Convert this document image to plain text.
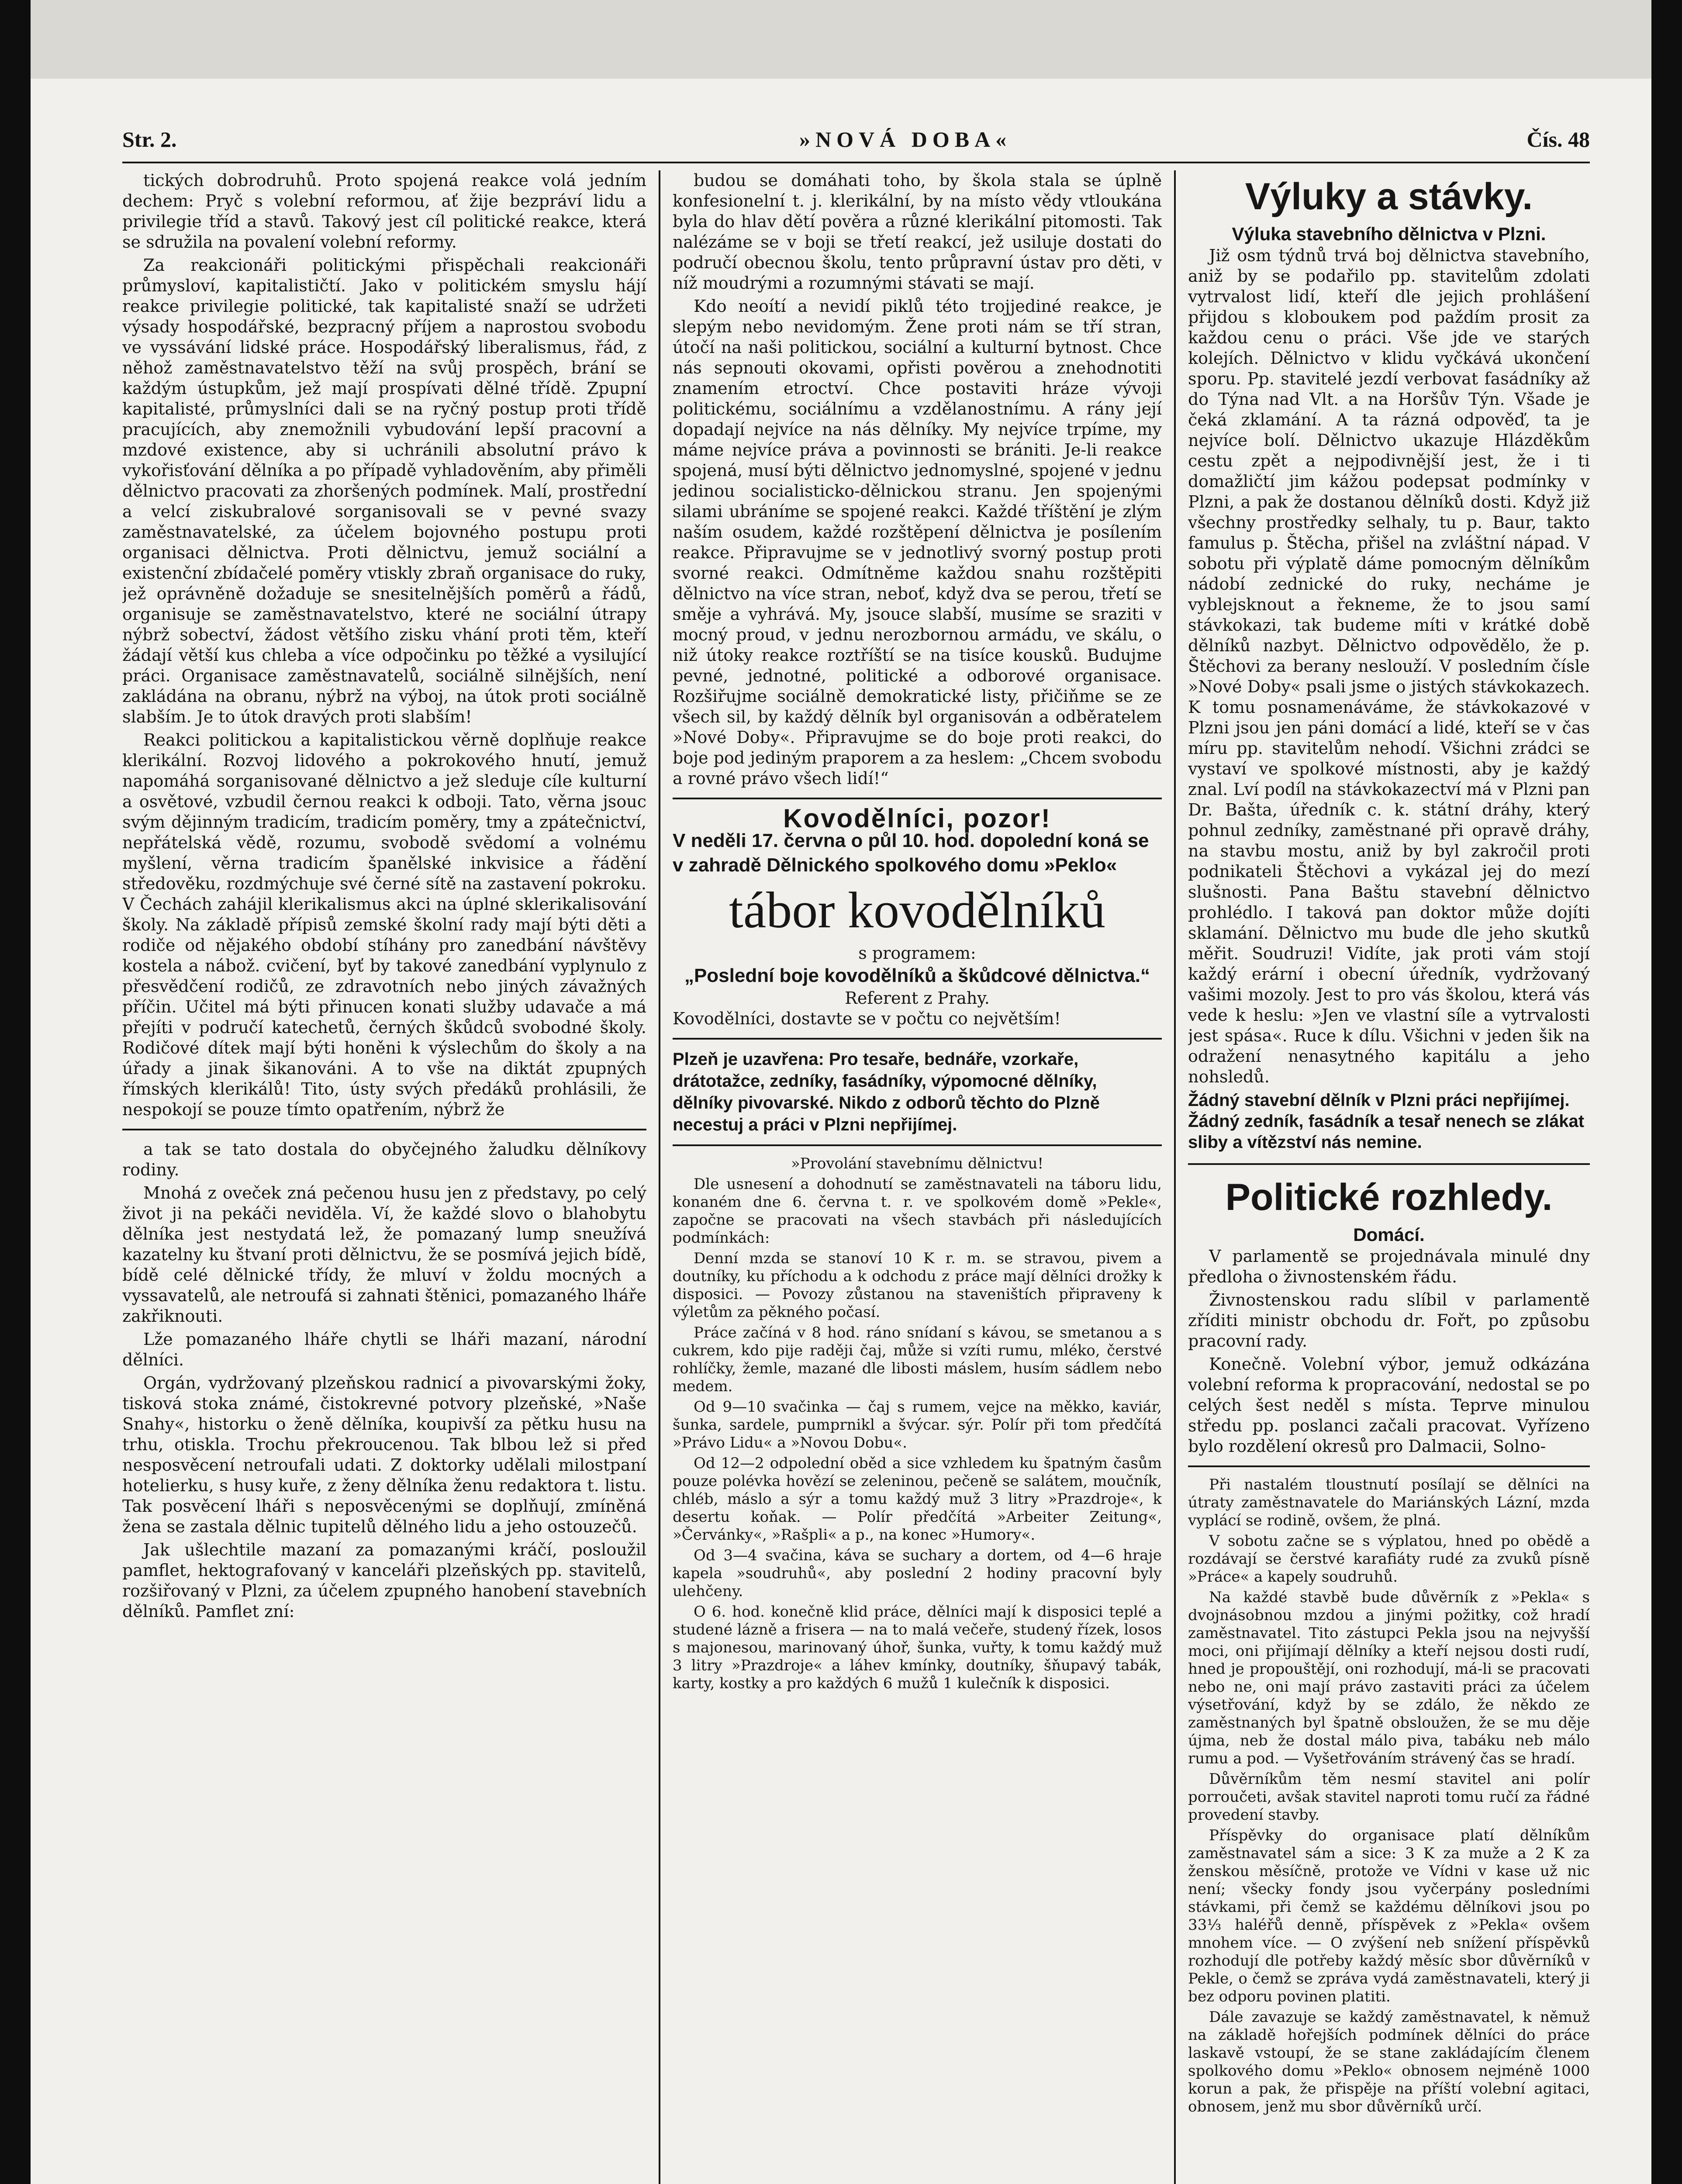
Str. 2.	»NOVÁ DOBA«	Čís. 48

tických dobrodruhů. Proto spojená reakce volá jedním dechem: Pryč s volební reformou, ať žije bezpráví lidu a privilegie tříd a stavů. Takový jest cíl politické reakce, která se sdružila na povalení volební reformy.

Za reakcionáři politickými přispěchali reakcionáři průmysloví, kapitalističtí. Jako v politickém smyslu hájí reakce privilegie politické, tak kapitalisté snaží se udržeti výsady hospodářské, bezpracný příjem a naprostou svobodu ve vyssávání lidské práce. Hospodářský liberalismus, řád, z něhož zaměstnavatelstvo těží na svůj prospěch, brání se každým ústupkům, jež mají prospívati dělné třídě. Zpupní kapitalisté, průmyslníci dali se na ryčný postup proti třídě pracujících, aby znemožnili vybudování lepší pracovní a mzdové existence, aby si uchránili absolutní právo k vykořisťování dělníka a po případě vyhladověním, aby přiměli dělnictvo pracovati za zhoršených podmínek. Malí, prostřední a velcí ziskubralové sorganisovali se v pevné svazy zaměstnavatelské, za účelem bojovného postupu proti organisaci dělnictva. Proti dělnictvu, jemuž sociální a existenční zbídačelé poměry vtiskly zbraň organisace do ruky, jež oprávněně dožaduje se snesitelnějších poměrů a řádů, organisuje se zaměstnavatelstvo, které ne sociální útrapy nýbrž sobectví, žádost většího zisku vhání proti těm, kteří žádají větší kus chleba a více odpočinku po těžké a vysilující práci. Organisace zaměstnavatelů, sociálně silnějších, není zakládána na obranu, nýbrž na výboj, na útok proti sociálně slabším. Je to útok dravých proti slabším!

Reakci politickou a kapitalistickou věrně doplňuje reakce klerikální. Rozvoj lidového a pokrokového hnutí, jemuž napomáhá sorganisované dělnictvo a jež sleduje cíle kulturní a osvětové, vzbudil černou reakci k odboji. Tato, věrna jsouc svým dějinným tradicím, tradicím poměry, tmy a zpátečnictví, nepřátelská vědě, rozumu, svobodě svědomí a volnému myšlení, věrna tradicím španělské inkvisice a řádění středověku, rozdmýchuje své černé sítě na zastavení pokroku. V Čechách zahájil klerikalismus akci na úplné sklerikalisování školy. Na základě přípisů zemské školní rady mají býti děti a rodiče od nějakého období stíhány pro zanedbání návštěvy kostela a nábož. cvičení, byť by takové zanedbání vyplynulo z přesvědčení rodičů, ze zdravotních nebo jiných závažných příčin. Učitel má býti přinucen konati služby udavače a má přejíti v područí katechetů, černých škůdců svobodné školy. Rodičové dítek mají býti honěni k výslechům do školy a na úřady a jinak šikanováni. A to vše na diktát zpupných římských klerikálů! Tito, ústy svých předáků prohlásili, že nespokojí se pouze tímto opatřením, nýbrž že

a tak se tato dostala do obyčejného žaludku dělníkovy rodiny.

Mnohá z oveček zná pečenou husu jen z představy, po celý život ji na pekáči neviděla. Ví, že každé slovo o blahobytu dělníka jest nestydatá lež, že pomazaný lump sneužívá kazatelny ku štvaní proti dělnictvu, že se posmívá jejich bídě, bídě celé dělnické třídy, že mluví v žoldu mocných a vyssavatelů, ale netroufá si zahnati štěnici, pomazaného lháře zakřiknouti.

Lže pomazaného lháře chytli se lháři mazaní, národní dělníci.

Orgán, vydržovaný plzeňskou radnicí a pivovarskými žoky, tisková stoka známé, čistokrevné potvory plzeňské, »Naše Snahy«, historku o ženě dělníka, koupivší za pětku husu na trhu, otiskla. Trochu překroucenou. Tak blbou lež si před nesposvěcení netroufali udati. Z doktorky udělali milostpaní hotelierku, s husy kuře, z ženy dělníka ženu redaktora t. listu. Tak posvěcení lháři s neposvěcenými se doplňují, zmíněná žena se zastala dělnic tupitelů dělného lidu a jeho ostouzečů.

Jak ušlechtile mazaní za pomazanými kráčí, posloužil pamflet, hektografovaný v kanceláři plzeňských pp. stavitelů, rozšiřovaný v Plzni, za účelem zpupného hanobení stavebních dělníků. Pamflet zní:

budou se domáhati toho, by škola stala se úplně konfesionelní t. j. klerikální, by na místo vědy vtloukána byla do hlav dětí pověra a různé klerikální pitomosti. Tak nalézáme se v boji se třetí reakcí, jež usiluje dostati do područí obecnou školu, tento průpravní ústav pro děti, v níž moudrými a rozumnými stávati se mají.

Kdo neoítí a nevidí piklů této trojjediné reakce, je slepým nebo nevidomým. Žene proti nám se tří stran, útočí na naši politickou, sociální a kulturní bytnost. Chce nás sepnouti okovami, opřisti pověrou a znehodnotiti znamením etroctví. Chce postaviti hráze vývoji politickému, sociálnímu a vzdělanostnímu. A rány její dopadají nejvíce na nás dělníky. My nejvíce trpíme, my máme nejvíce práva a povinnosti se brániti. Je-li reakce spojená, musí býti dělnictvo jednomyslné, spojené v jednu jedinou socialisticko-dělnickou stranu. Jen spojenými silami ubráníme se spojené reakci. Každé tříštění je zlým naším osudem, každé rozštěpení dělnictva je posílením reakce. Připravujme se v jednotlivý svorný postup proti svorné reakci. Odmítněme každou snahu rozštěpiti dělnictvo na více stran, neboť, když dva se perou, třetí se směje a vyhrává. My, jsouce slabší, musíme se sraziti v mocný proud, v jednu nerozbornou armádu, ve skálu, o niž útoky reakce roztříští se na tisíce kousků. Budujme pevné, jednotné, politické a odborové organisace. Rozšiřujme sociálně demokratické listy, přičiňme se ze všech sil, by každý dělník byl organisován a odběratelem »Nové Doby«. Připravujme se do boje proti reakci, do boje pod jediným praporem a za heslem: „Chcem svobodu a rovné právo všech lidí!“

Kovodělníci, pozor!
V neděli 17. června o půl 10. hod. dopolední koná se v zahradě Dělnického spolkového domu »Peklo«
tábor kovodělníků
s programem:
„Poslední boje kovodělníků a škůdcové dělnictva.“
Referent z Prahy.
Kovodělníci, dostavte se v počtu co největším!
Plzeň je uzavřena: Pro tesaře, bednáře, vzorkaře, drátotažce, zedníky, fasádníky, výpomocné dělníky, dělníky pivovarské. Nikdo z odborů těchto do Plzně necestuj a práci v Plzni nepřijímej.

»Provolání stavebnímu dělnictvu!

Dle usnesení a dohodnutí se zaměstnavateli na táboru lidu, konaném dne 6. června t. r. ve spolkovém domě »Pekle«, započne se pracovati na všech stavbách při následujících podmínkách:

Denní mzda se stanoví 10 K r. m. se stravou, pivem a doutníky, ku příchodu a k odchodu z práce mají dělníci drožky k disposici. — Povozy zůstanou na staveništích připraveny k výletům za pěkného počasí.

Práce začíná v 8 hod. ráno snídaní s kávou, se smetanou a s cukrem, kdo pije raději čaj, může si vzíti rumu, mléko, čerstvé rohlíčky, žemle, mazané dle libosti máslem, husím sádlem nebo medem.

Od 9—10 svačinka — čaj s rumem, vejce na měkko, kaviár, šunka, sardele, pumprnikl a švýcar. sýr. Polír při tom předčítá »Právo Lidu« a »Novou Dobu«.

Od 12—2 odpolední oběd a sice vzhledem ku špatným časům pouze polévka hovězí se zeleninou, pečeně se salátem, moučník, chléb, máslo a sýr a tomu každý muž 3 litry »Prazdroje«, k desertu koňak. — Polír předčítá »Arbeiter Zeitung«, »Červánky«, »Rašpli« a p., na konec »Humory«.

Od 3—4 svačina, káva se suchary a dortem, od 4—6 hraje kapela »soudruhů«, aby poslední 2 hodiny pracovní byly ulehčeny.

O 6. hod. konečně klid práce, dělníci mají k disposici teplé a studené lázně a frisera — na to malá večeře, studený řízek, losos s majonesou, marinovaný úhoř, šunka, vuřty, k tomu každý muž 3 litry »Prazdroje« a láhev kmínky, doutníky, šňupavý tabák, karty, kostky a pro každých 6 mužů 1 kulečník k disposici.

Výluky a stávky.
Výluka stavebního dělnictva v Plzni.

Již osm týdnů trvá boj dělnictva stavebního, aniž by se podařilo pp. stavitelům zdolati vytrvalost lidí, kteří dle jejich prohlášení přijdou s kloboukem pod paždím prosit za každou cenu o práci. Vše jde ve starých kolejích. Dělnictvo v klidu vyčkává ukončení sporu. Pp. stavitelé jezdí verbovat fasádníky až do Týna nad Vlt. a na Horšův Týn. Všade je čeká zklamání. A ta rázná odpověď, ta je nejvíce bolí. Dělnictvo ukazuje Hlázděkům cestu zpět a nejpodivnější jest, že i ti domažličtí jim kážou podepsat podmínky v Plzni, a pak že dostanou dělníků dosti. Když již všechny prostředky selhaly, tu p. Baur, takto famulus p. Štěcha, přišel na zvláštní nápad. V sobotu při výplatě dáme pomocným dělníkům nádobí zednické do ruky, necháme je vyblejsknout a řekneme, že to jsou samí stávkokazi, tak budeme míti v krátké době dělníků nazbyt. Dělnictvo odpovědělo, že p. Štěchovi za berany neslouží. V posledním čísle »Nové Doby« psali jsme o jistých stávkokazech. K tomu posnamenáváme, že stávkokazové v Plzni jsou jen páni domácí a lidé, kteří se v čas míru pp. stavitelům nehodí. Všichni zrádci se vystaví ve spolkové místnosti, aby je každý znal. Lví podíl na stávkokazectví má v Plzni pan Dr. Bašta, úředník c. k. státní dráhy, který pohnul zedníky, zaměstnané při opravě dráhy, na stavbu mostu, aniž by byl zakročil proti podnikateli Štěchovi a vykázal jej do mezí slušnosti. Pana Baštu stavební dělnictvo prohlédlo. I taková pan doktor může dojíti sklamání. Dělnictvo mu bude dle jeho skutků měřit. Soudruzi! Vidíte, jak proti vám stojí každý erární i obecní úředník, vydržovaný vašimi mozoly. Jest to pro vás školou, která vás vede k heslu: »Jen ve vlastní síle a vytrvalosti jest spása«. Ruce k dílu. Všichni v jeden šik na odražení nenasytného kapitálu a jeho nohsledů.

Žádný stavební dělník v Plzni práci nepřijímej. Žádný zedník, fasádník a tesař nenech se zlákat sliby a vítězství nás nemine.

Politické rozhledy.
Domácí.

V parlamentě se projednávala minulé dny předloha o živnostenském řádu.

Živnostenskou radu slíbil v parlamentě zříditi ministr obchodu dr. Fořt, po způsobu pracovní rady.

Konečně. Volební výbor, jemuž odkázána volební reforma k propracování, nedostal se po celých šest neděl s místa. Teprve minulou středu pp. poslanci začali pracovat. Vyřízeno bylo rozdělení okresů pro Dalmacii, Solno-

Při nastalém tloustnutí posílají se dělníci na útraty zaměstnavatele do Mariánských Lázní, mzda vyplácí se rodině, ovšem, že plná.

V sobotu začne se s výplatou, hned po obědě a rozdávají se čerstvé karafiáty rudé za zvuků písně »Práce« a kapely soudruhů.

Na každé stavbě bude důvěrník z »Pekla« s dvojnásobnou mzdou a jinými požitky, což hradí zaměstnavatel. Tito zástupci Pekla jsou na nejvyšší moci, oni přijímají dělníky a kteří nejsou dosti rudí, hned je propouštějí, oni rozhodují, má-li se pracovati nebo ne, oni mají právo zastaviti práci za účelem výsetřování, když by se zdálo, že někdo ze zaměstnaných byl špatně obsloužen, že se mu děje újma, neb že dostal málo piva, tabáku neb málo rumu a pod. — Vyšetřováním strávený čas se hradí.

Důvěrníkům těm nesmí stavitel ani polír porroučeti, avšak stavitel naproti tomu ručí za řádné provedení stavby.

Příspěvky do organisace platí dělníkům zaměstnavatel sám a sice: 3 K za muže a 2 K za ženskou měsíčně, protože ve Vídni v kase už nic není; všecky fondy jsou vyčerpány posledními stávkami, při čemž se každému dělníkovi jsou po 33⅓ haléřů denně, příspěvek z »Pekla« ovšem mnohem více. — O zvýšení neb snížení příspěvků rozhodují dle potřeby každý měsíc sbor důvěrníků v Pekle, o čemž se zpráva vydá zaměstnavateli, který ji bez odporu povinen platiti.

Dále zavazuje se každý zaměstnavatel, k němuž na základě hořejších podmínek dělníci do práce laskavě vstoupí, že se stane zakládajícím členem spolkového domu »Peklo« obnosem nejméně 1000 korun a pak, že přispěje na příští volební agitaci, obnosem, jenž mu sbor důvěrníků určí.
